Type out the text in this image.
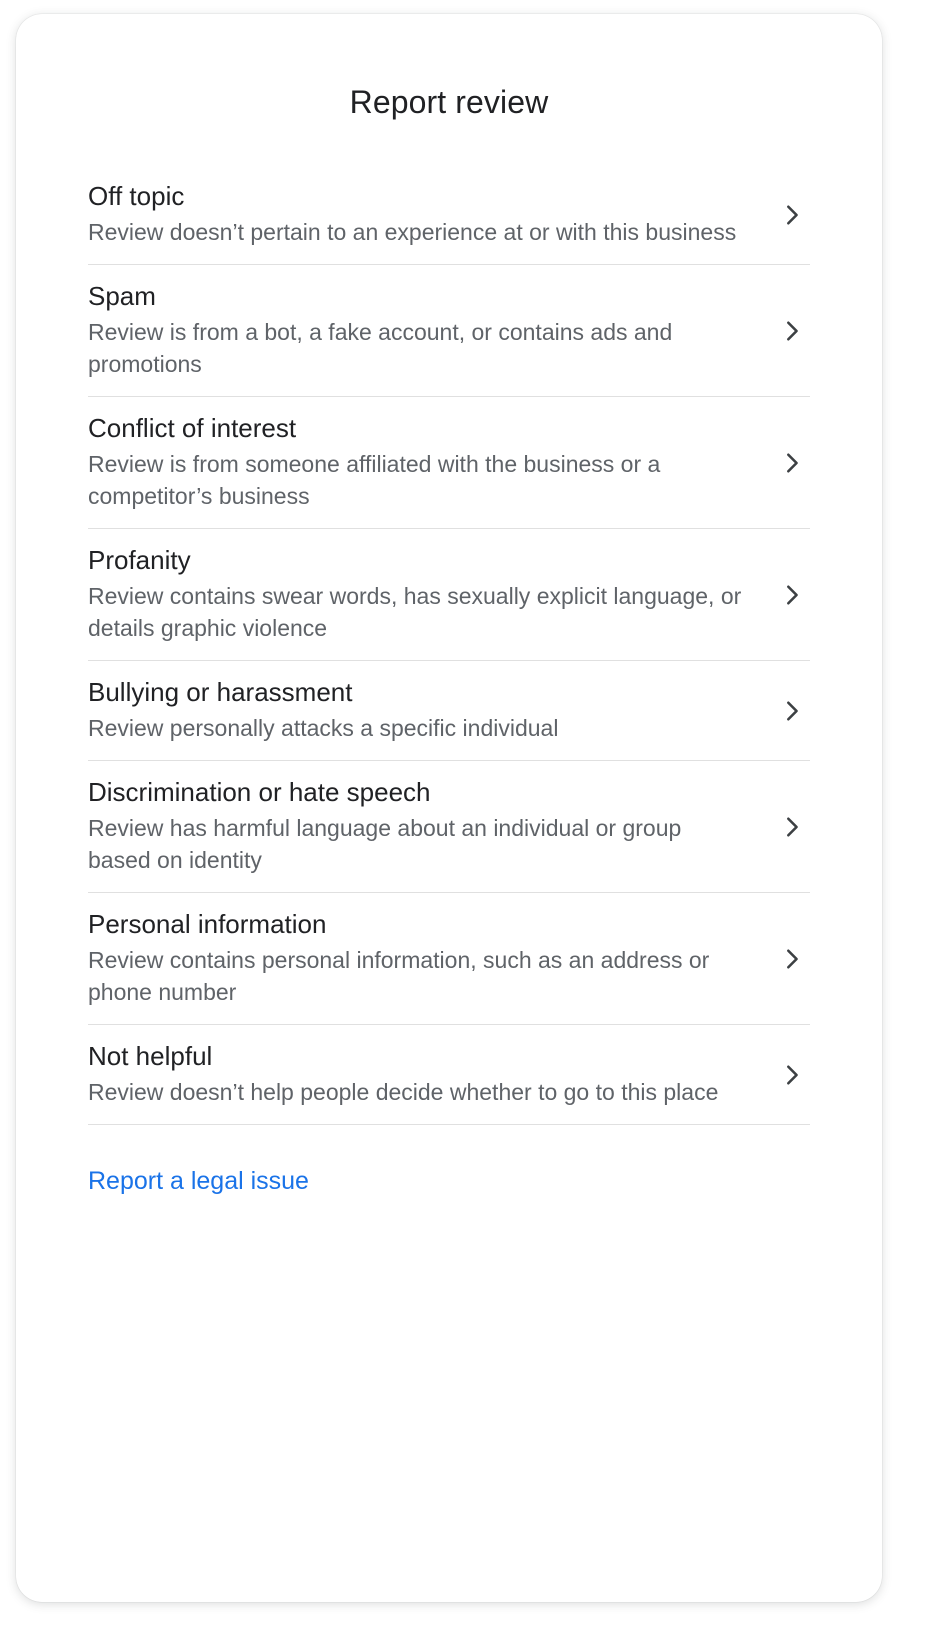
Report review
Off topic
Review doesn’t pertain to an experience at or with this business
Spam
Review is from a bot, a fake account, or contains ads and promotions
Conflict of interest
Review is from someone affiliated with the business or a competitor’s business
Profanity
Review contains swear words, has sexually explicit language, or details graphic violence
Bullying or harassment
Review personally attacks a specific individual
Discrimination or hate speech
Review has harmful language about an individual or group based on identity
Personal information
Review contains personal information, such as an address or phone number
Not helpful
Review doesn’t help people decide whether to go to this place
Report a legal issue
